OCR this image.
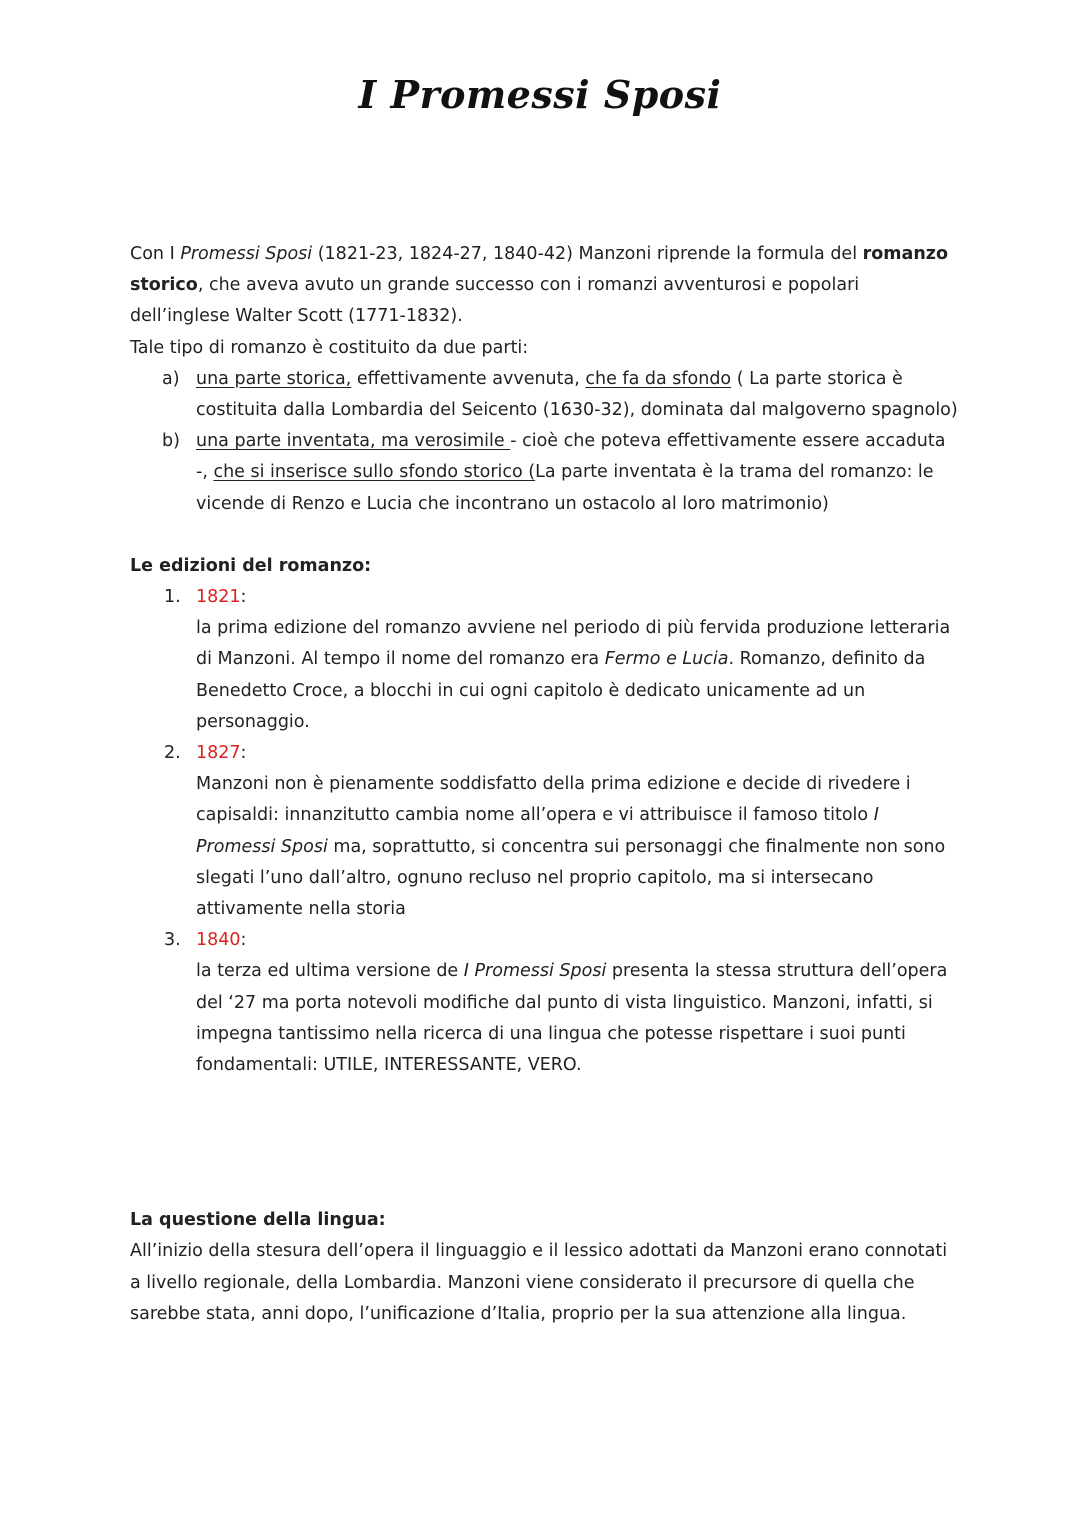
I Promessi Sposi

Con I Promessi Sposi (1821-23, 1824-27, 1840-42) Manzoni riprende la formula del romanzo storico, che aveva avuto un grande successo con i romanzi avventurosi e popolari dell’inglese Walter Scott (1771-1832).

Tale tipo di romanzo è costituito da due parti:

a) una parte storica, effettivamente avvenuta, che fa da sfondo ( La parte storica è costituita dalla Lombardia del Seicento (1630-32), dominata dal malgoverno spagnolo)
b) una parte inventata, ma verosimile - cioè che poteva effettivamente essere accaduta -, che si inserisce sullo sfondo storico (La parte inventata è la trama del romanzo: le vicende di Renzo e Lucia che incontrano un ostacolo al loro matrimonio)

Le edizioni del romanzo:

1. 1821:
la prima edizione del romanzo avviene nel periodo di più fervida produzione letteraria di Manzoni. Al tempo il nome del romanzo era Fermo e Lucia. Romanzo, definito da Benedetto Croce, a blocchi in cui ogni capitolo è dedicato unicamente ad un personaggio.
2. 1827:
Manzoni non è pienamente soddisfatto della prima edizione e decide di rivedere i capisaldi: innanzitutto cambia nome all’opera e vi attribuisce il famoso titolo I Promessi Sposi ma, soprattutto, si concentra sui personaggi che finalmente non sono slegati l’uno dall’altro, ognuno recluso nel proprio capitolo, ma si intersecano attivamente nella storia
3. 1840:
la terza ed ultima versione de I Promessi Sposi presenta la stessa struttura dell’opera del ‘27 ma porta notevoli modifiche dal punto di vista linguistico. Manzoni, infatti, si impegna tantissimo nella ricerca di una lingua che potesse rispettare i suoi punti fondamentali: UTILE, INTERESSANTE, VERO.

La questione della lingua:

All’inizio della stesura dell’opera il linguaggio e il lessico adottati da Manzoni erano connotati a livello regionale, della Lombardia. Manzoni viene considerato il precursore di quella che sarebbe stata, anni dopo, l’unificazione d’Italia, proprio per la sua attenzione alla lingua.
